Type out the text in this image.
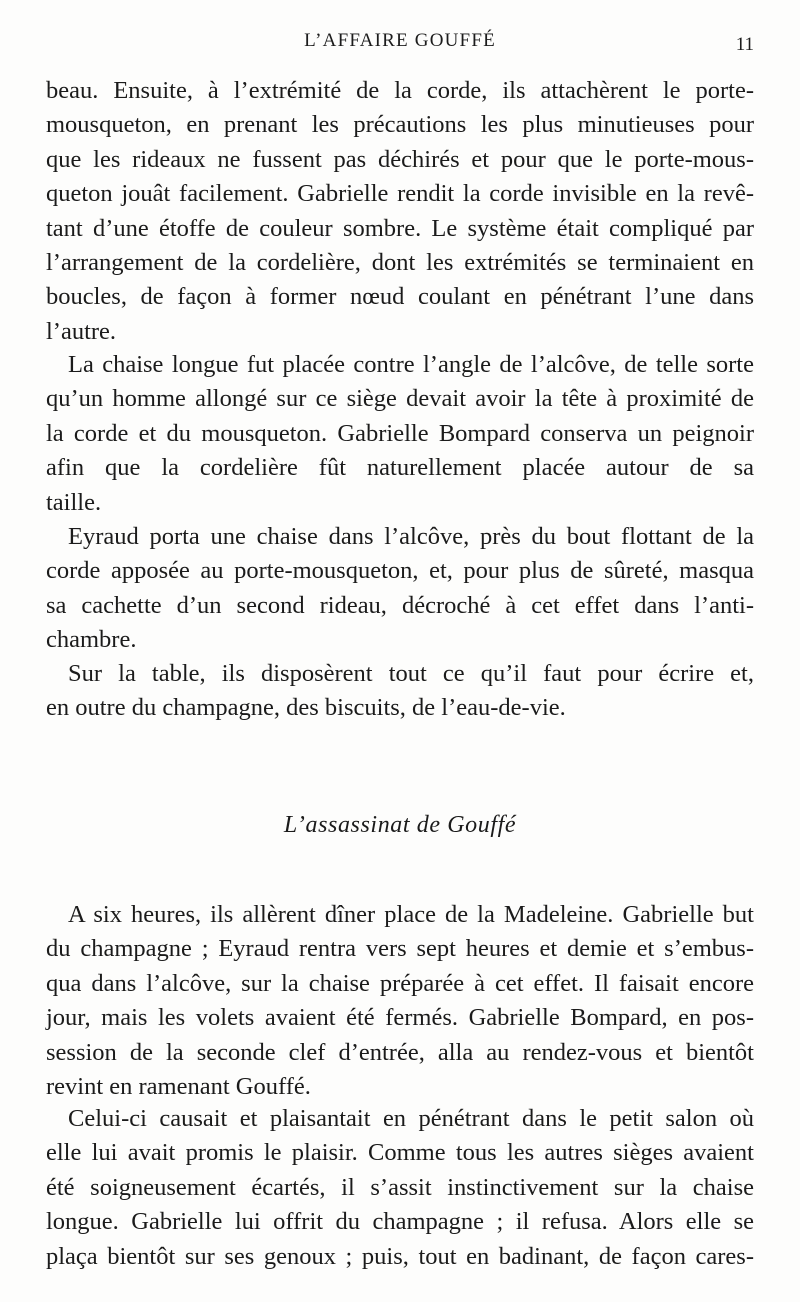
L’AFFAIRE GOUFFÉ	11
beau. Ensuite, à l’extrémité de la corde, ils attachèrent le porte-
mousqueton, en prenant les précautions les plus minutieuses pour
que les rideaux ne fussent pas déchirés et pour que le porte-mous-
queton jouât facilement. Gabrielle rendit la corde invisible en la revê-
tant d’une étoffe de couleur sombre. Le système était compliqué par
l’arrangement de la cordelière, dont les extrémités se terminaient en
boucles, de façon à former nœud coulant en pénétrant l’une dans
l’autre.
La chaise longue fut placée contre l’angle de l’alcôve, de telle sorte
qu’un homme allongé sur ce siège devait avoir la tête à proximité de
la corde et du mousqueton. Gabrielle Bompard conserva un peignoir
afin que la cordelière fût naturellement placée autour de sa
taille.
Eyraud porta une chaise dans l’alcôve, près du bout flottant de la
corde apposée au porte-mousqueton, et, pour plus de sûreté, masqua
sa cachette d’un second rideau, décroché à cet effet dans l’anti-
chambre.
Sur la table, ils disposèrent tout ce qu’il faut pour écrire et,
en outre du champagne, des biscuits, de l’eau-de-vie.
L’assassinat de Gouffé
A six heures, ils allèrent dîner place de la Madeleine. Gabrielle but
du champagne ; Eyraud rentra vers sept heures et demie et s’embus-
qua dans l’alcôve, sur la chaise préparée à cet effet. Il faisait encore
jour, mais les volets avaient été fermés. Gabrielle Bompard, en pos-
session de la seconde clef d’entrée, alla au rendez-vous et bientôt
revint en ramenant Gouffé.
Celui-ci causait et plaisantait en pénétrant dans le petit salon où
elle lui avait promis le plaisir. Comme tous les autres sièges avaient
été soigneusement écartés, il s’assit instinctivement sur la chaise
longue. Gabrielle lui offrit du champagne ; il refusa. Alors elle se
plaça bientôt sur ses genoux ; puis, tout en badinant, de façon cares-
